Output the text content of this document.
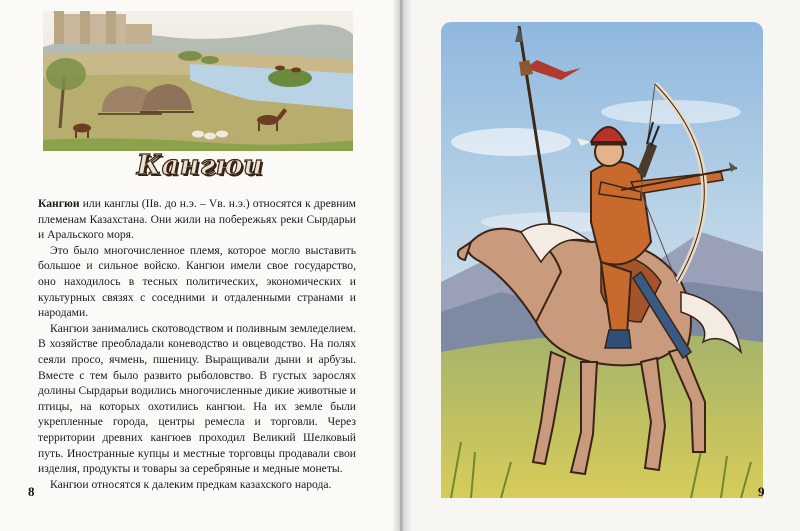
Кангюи

Кангюи или канглы (IIв. до н.э. – Vв. н.э.) относятся к древним племенам Казахстана. Они жили на побережьях реки Сырдарьи и Аральского моря.

Это было многочисленное племя, которое могло выставить большое и сильное войско. Кангюи имели свое государство, оно находилось в тесных политических, экономических и культурных связях с соседними и отдаленными странами и народами.

Кангюи занимались скотоводством и поливным земледелием. В хозяйстве преобладали коневодство и овцеводство. На полях сеяли просо, ячмень, пшеницу. Выращивали дыни и арбузы. Вместе с тем было развито рыболовство. В густых зарослях долины Сырдарьи водились многочисленные дикие животные и птицы, на которых охотились кангюи. На их земле были укрепленные города, центры ремесла и торговли. Через территории древних кангюев проходил Великий Шелковый путь. Иностранные купцы и местные торговцы продавали свои изделия, продукты и товары за серебряные и медные монеты.

Кангюи относятся к далеким предкам казахского народа.

8	9
